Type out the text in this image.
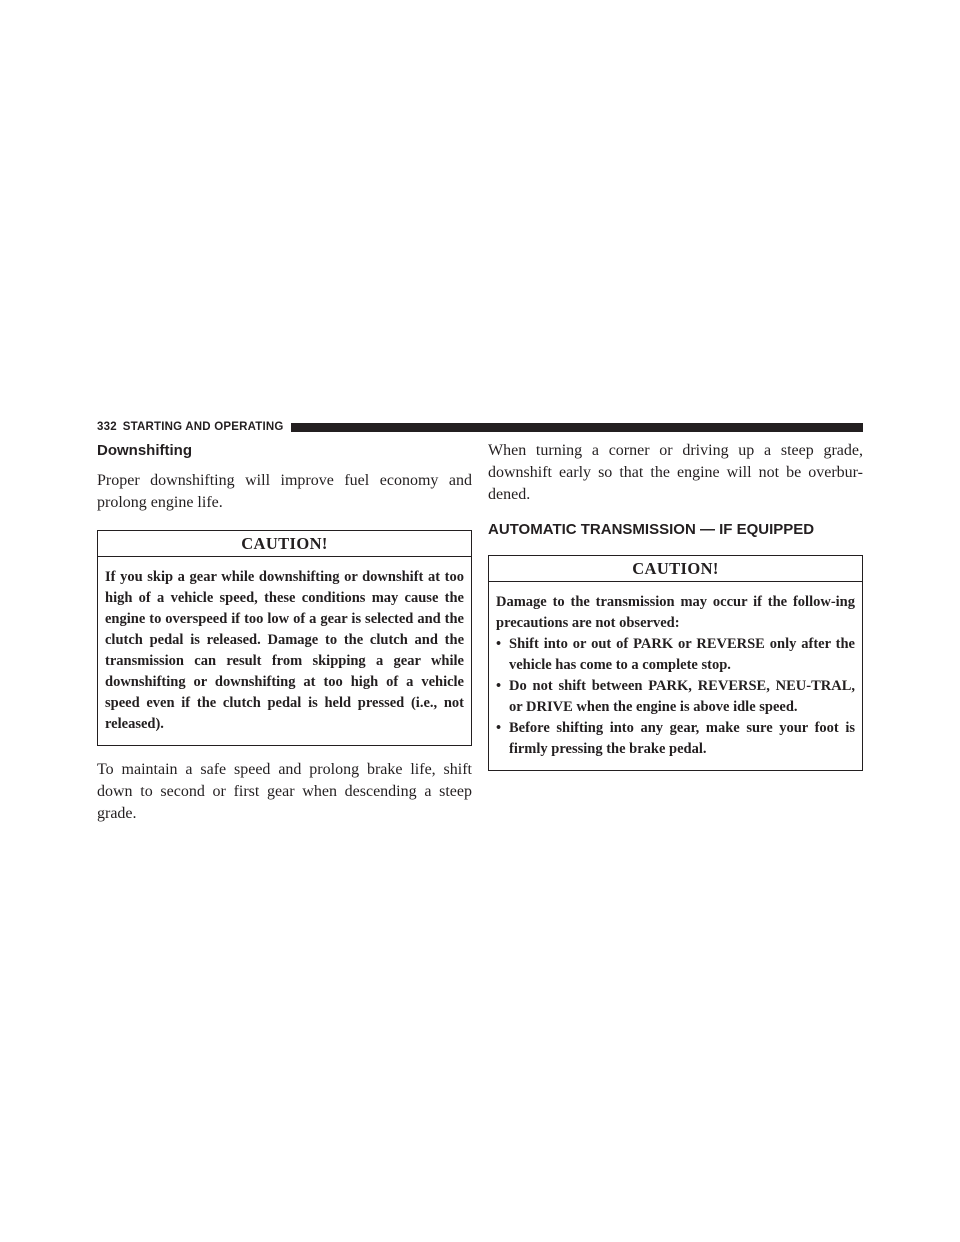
332 STARTING AND OPERATING
Downshifting

Proper downshifting will improve fuel economy and prolong engine life.

CAUTION!
If you skip a gear while downshifting or downshift at too high of a vehicle speed, these conditions may cause the engine to overspeed if too low of a gear is selected and the clutch pedal is released. Damage to the clutch and the transmission can result from skipping a gear while downshifting or downshifting at too high of a vehicle speed even if the clutch pedal is held pressed (i.e., not released).

To maintain a safe speed and prolong brake life, shift down to second or first gear when descending a steep grade.

When turning a corner or driving up a steep grade, downshift early so that the engine will not be overbur-dened.

AUTOMATIC TRANSMISSION — IF EQUIPPED
CAUTION!
Damage to the transmission may occur if the follow-ing precautions are not observed:
• Shift into or out of PARK or REVERSE only after the vehicle has come to a complete stop.
• Do not shift between PARK, REVERSE, NEU-TRAL, or DRIVE when the engine is above idle speed.
• Before shifting into any gear, make sure your foot is firmly pressing the brake pedal.
